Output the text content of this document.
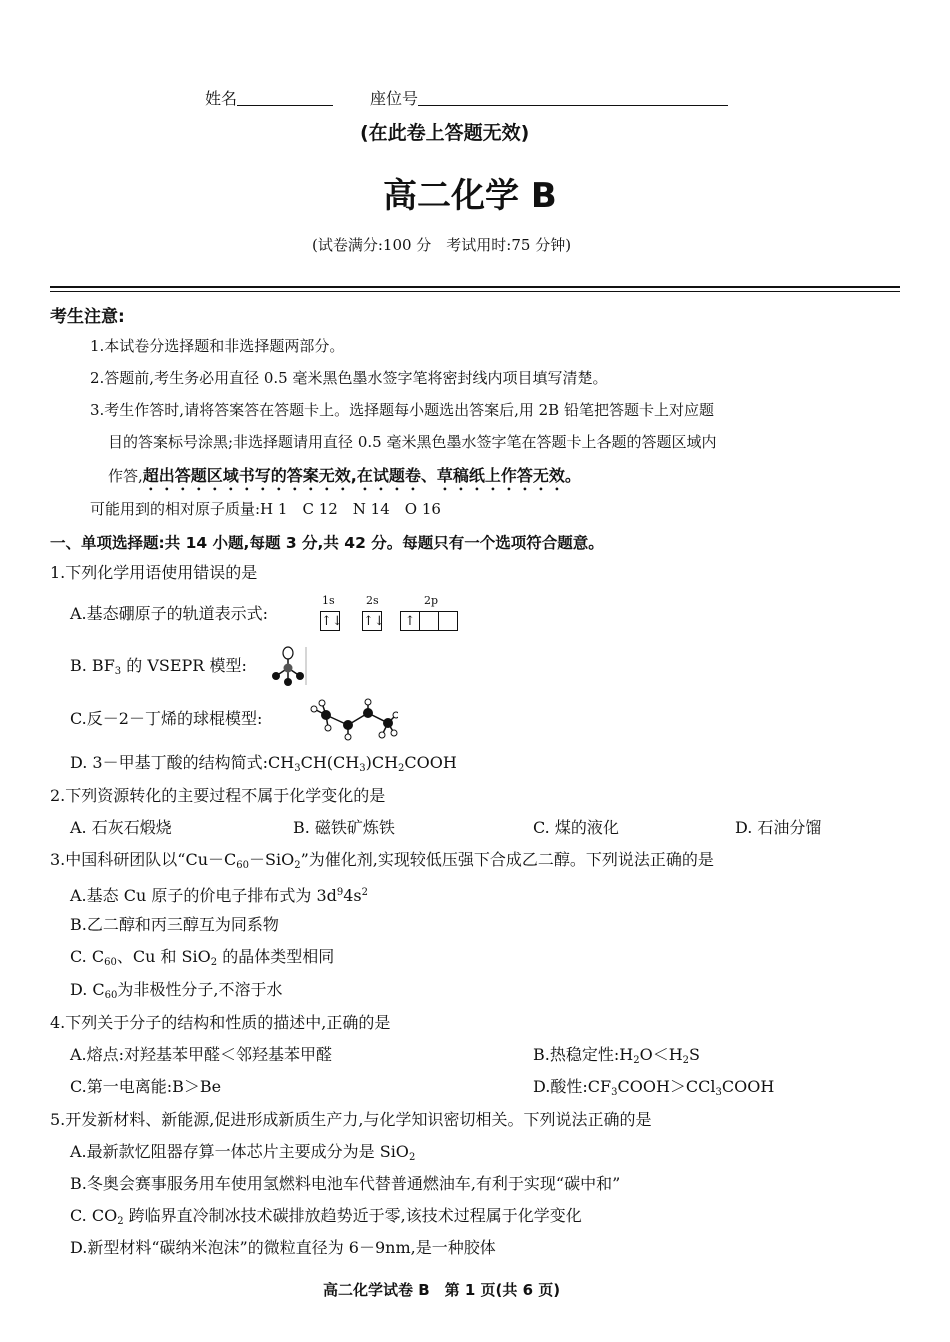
姓名	座位号
(在此卷上答题无效)
高二化学 B
(试卷满分:100 分　考试用时:75 分钟)
考生注意:
1.本试卷分选择题和非选择题两部分。
2.答题前,考生务必用直径 0.5 毫米黑色墨水签字笔将密封线内项目填写清楚。
3.考生作答时,请将答案答在答题卡上。选择题每小题选出答案后,用 2B 铅笔把答题卡上对应题
目的答案标号涂黑;非选择题请用直径 0.5 毫米黑色墨水签字笔在答题卡上各题的答题区域内
作答,超出答题区域书写的答案无效,在试题卷、草稿纸上作答无效。
可能用到的相对原子质量:H 1　C 12　N 14　O 16
一、单项选择题:共 14 小题,每题 3 分,共 42 分。每题只有一个选项符合题意。
1.下列化学用语使用错误的是
A.基态硼原子的轨道表示式:
1s	2s	2p
↑↓ ↑↓	↑
B. $BF_3$ 的 VSEPR 模型:
C.反－2－丁烯的球棍模型:
D. 3－甲基丁酸的结构简式$:CH_3CH(CH_3)CH_2COOH$
2.下列资源转化的主要过程不属于化学变化的是
A. 石灰石煅烧	B. 磁铁矿炼铁	C. 煤的液化	D. 石油分馏
3.中国科研团队以“$Cu-C_{60}-SiO_2$”为催化剂,实现较低压强下合成乙二醇。下列说法正确的是
A.基态 Cu 原子的价电子排布式为 $3d^94s^2$
B.乙二醇和丙三醇互为同系物
C. $C_{60}$、Cu 和 SiO$_2$ 的晶体类型相同
D. $C_{60}$为非极性分子,不溶于水
4.下列关于分子的结构和性质的描述中,正确的是
A.熔点:对羟基苯甲醛＜邻羟基苯甲醛	B.热稳定性$:H_2O<H_2S$
C.第一电离能:B＞Be	D.酸性$:CF_3COOH>CCl_3COOH$
5.开发新材料、新能源,促进形成新质生产力,与化学知识密切相关。下列说法正确的是
A.最新款忆阻器存算一体芯片主要成分为是 SiO$_2$
B.冬奥会赛事服务用车使用氢燃料电池车代替普通燃油车,有利于实现“碳中和”
C. $CO_2$ 跨临界直冷制冰技术碳排放趋势近于零,该技术过程属于化学变化
D.新型材料“碳纳米泡沫”的微粒直径为 6－9nm,是一种胶体
高二化学试卷 B　第 1 页(共 6 页)
